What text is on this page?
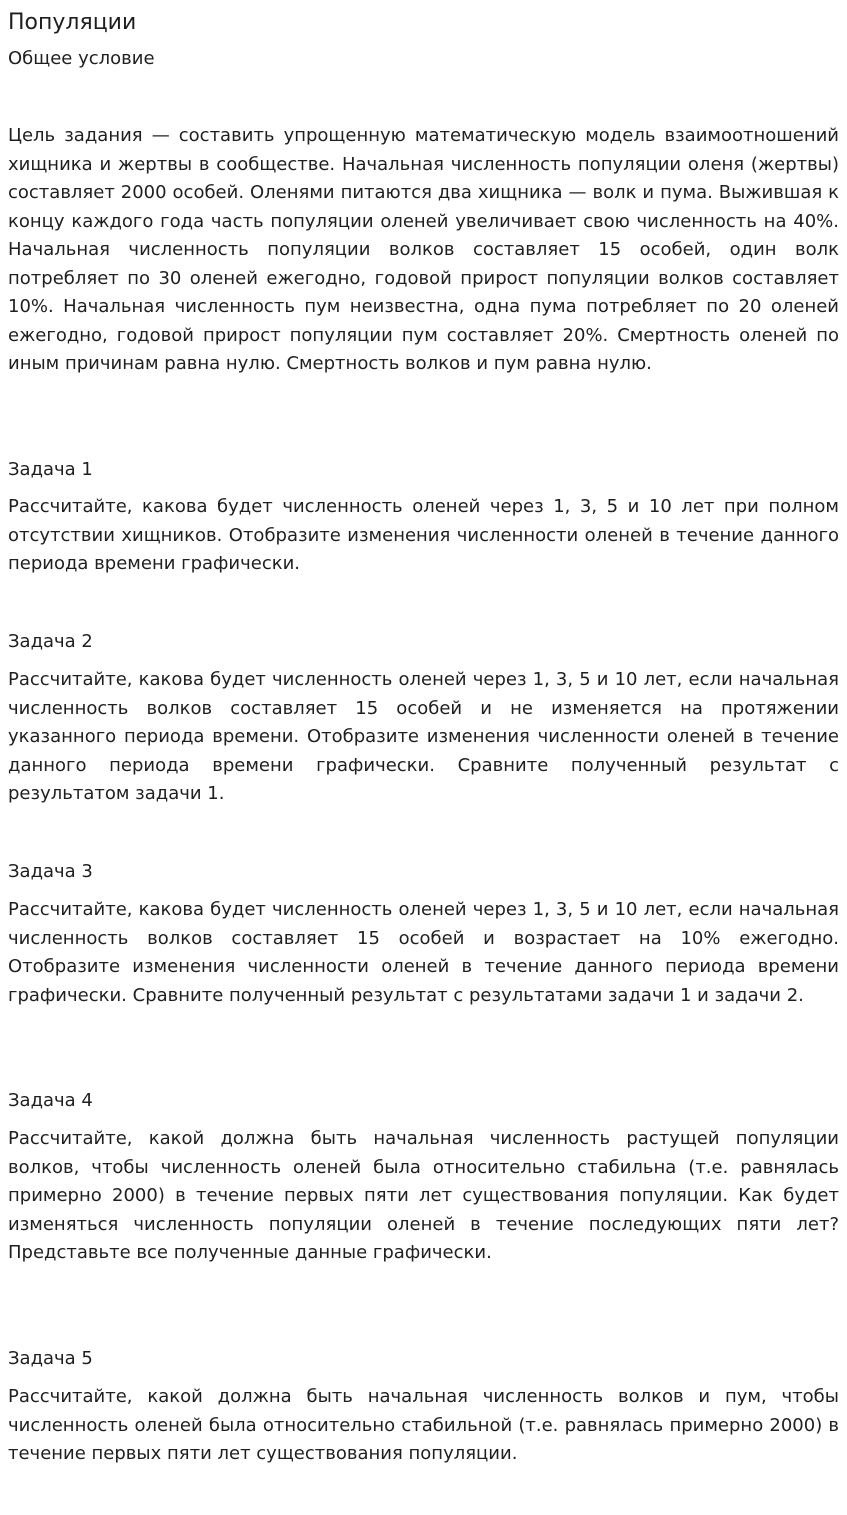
Популяции
Общее условие

Цель задания — составить упрощенную математическую модель взаимоотношений хищника и жертвы в сообществе. Начальная численность популяции оленя (жертвы) составляет 2000 особей. Оленями питаются два хищника — волк и пума. Выжившая к концу каждого года часть популяции оленей увеличивает свою численность на 40%. Начальная численность популяции волков составляет 15 особей, один волк потребляет по 30 оленей ежегодно, годовой прирост популяции волков составляет 10%. Начальная численность пум неизвестна, одна пума потребляет по 20 оленей ежегодно, годовой прирост популяции пум составляет 20%. Смертность оленей по иным причинам равна нулю. Смертность волков и пум равна нулю.

Задача 1

Рассчитайте, какова будет численность оленей через 1, 3, 5 и 10 лет при полном отсутствии хищников. Отобразите изменения численности оленей в течение данного периода времени графически.

Задача 2

Рассчитайте, какова будет численность оленей через 1, 3, 5 и 10 лет, если начальная численность волков составляет 15 особей и не изменяется на протяжении указанного периода времени. Отобразите изменения численности оленей в течение данного периода времени графически. Сравните полученный результат с результатом задачи 1.

Задача 3

Рассчитайте, какова будет численность оленей через 1, 3, 5 и 10 лет, если начальная численность волков составляет 15 особей и возрастает на 10% ежегодно. Отобразите изменения численности оленей в течение данного периода времени графически. Сравните полученный результат с результатами задачи 1 и задачи 2.

Задача 4

Рассчитайте, какой должна быть начальная численность растущей популяции волков, чтобы численность оленей была относительно стабильна (т.е. равнялась примерно 2000) в течение первых пяти лет существования популяции. Как будет изменяться численность популяции оленей в течение последующих пяти лет? Представьте все полученные данные графически.

Задача 5

Рассчитайте, какой должна быть начальная численность волков и пум, чтобы численность оленей была относительно стабильной (т.е. равнялась примерно 2000) в течение первых пяти лет существования популяции.
